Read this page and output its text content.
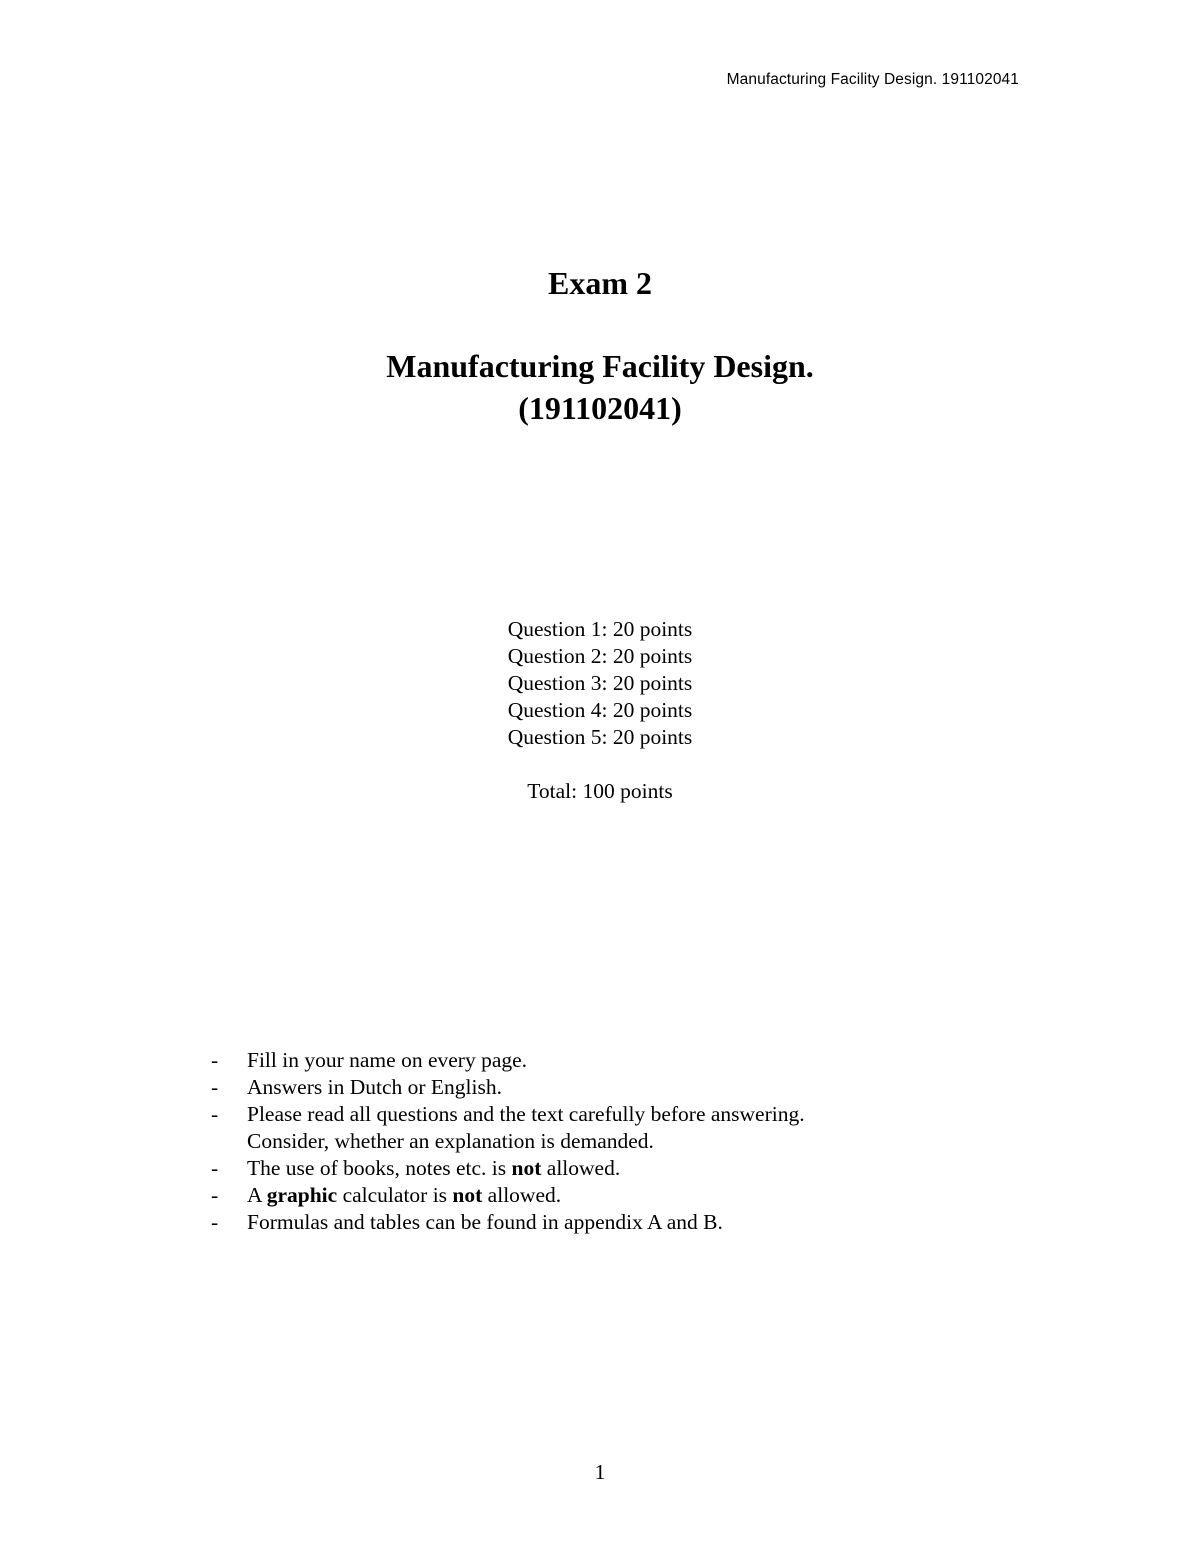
Manufacturing Facility Design. 191102041
Exam 2
Manufacturing Facility Design.
(191102041)
Question 1: 20 points
Question 2: 20 points
Question 3: 20 points
Question 4: 20 points
Question 5: 20 points
Total: 100 points
- Fill in your name on every page.
- Answers in Dutch or English.
- Please read all questions and the text carefully before answering.
Consider, whether an explanation is demanded.
- The use of books, notes etc. is not allowed.
- A graphic calculator is not allowed.
- Formulas and tables can be found in appendix A and B.
1
